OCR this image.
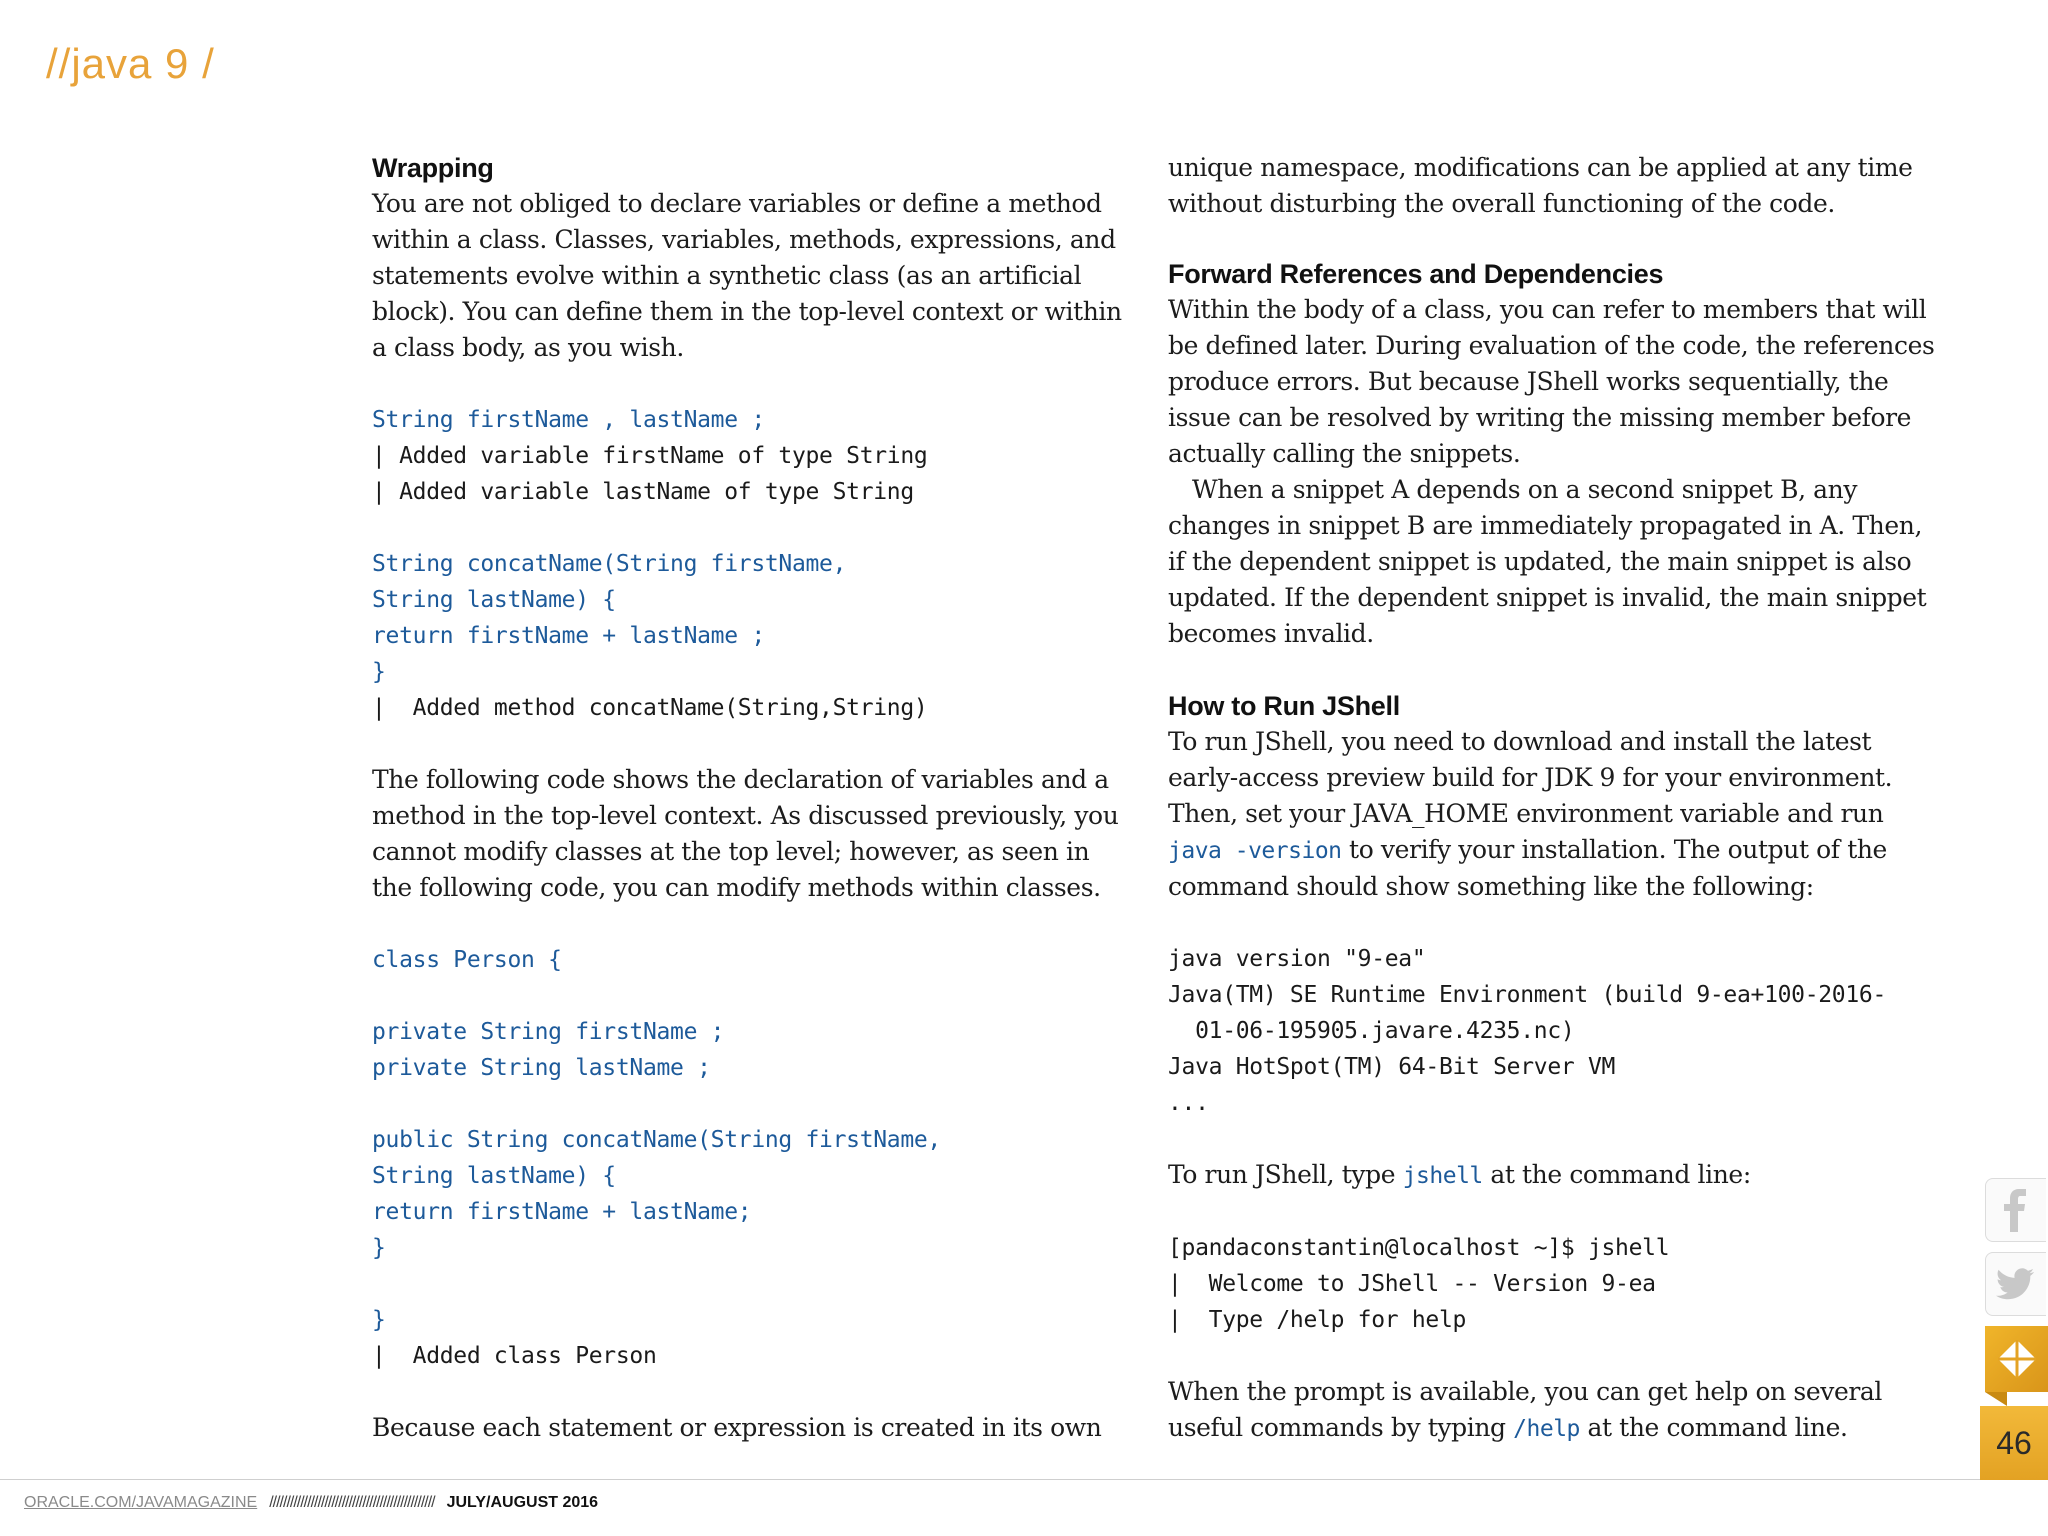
//java 9 /
Wrapping

You are not obliged to declare variables or define a method within a class. Classes, variables, methods, expressions, and statements evolve within a synthetic class (as an artificial block). You can define them in the top-level context or within a class body, as you wish.

String firstName , lastName ;
| Added variable firstName of type String
| Added variable lastName of type String
String concatName(String firstName,
String lastName) {
return firstName + lastName ;
}
|  Added method concatName(String,String)

The following code shows the declaration of variables and a method in the top-level context. As discussed previously, you cannot modify classes at the top level; however, as seen in the following code, you can modify methods within classes.

class Person {

private String firstName ;
private String lastName ;

public String concatName(String firstName,
String lastName) {
return firstName + lastName;
}

}
|  Added class Person

Because each statement or expression is created in its own

unique namespace, modifications can be applied at any time without disturbing the overall functioning of the code.

Forward References and Dependencies

Within the body of a class, you can refer to members that will be defined later. During evaluation of the code, the references produce errors. But because JShell works sequentially, the issue can be resolved by writing the missing member before actually calling the snippets.

When a snippet A depends on a second snippet B, any changes in snippet B are immediately propagated in A. Then, if the dependent snippet is updated, the main snippet is also updated. If the dependent snippet is invalid, the main snippet becomes invalid.

How to Run JShell

To run JShell, you need to download and install the latest early-access preview build for JDK 9 for your environment. Then, set your JAVA_HOME environment variable and run java -version to verify your installation. The output of the command should show something like the following:

java version "9-ea"
Java(TM) SE Runtime Environment (build 9-ea+100-2016-
01-06-195905.javare.4235.nc)
Java HotSpot(TM) 64-Bit Server VM
...

To run JShell, type jshell at the command line:

[pandaconstantin@localhost ~]$ jshell
|  Welcome to JShell -- Version 9-ea
|  Type /help for help

When the prompt is available, you can get help on several useful commands by typing /help at the command line.

ORACLE.COM/JAVAMAGAZINE //////////////////////////////////////////////// JULY/AUGUST 2016
46
